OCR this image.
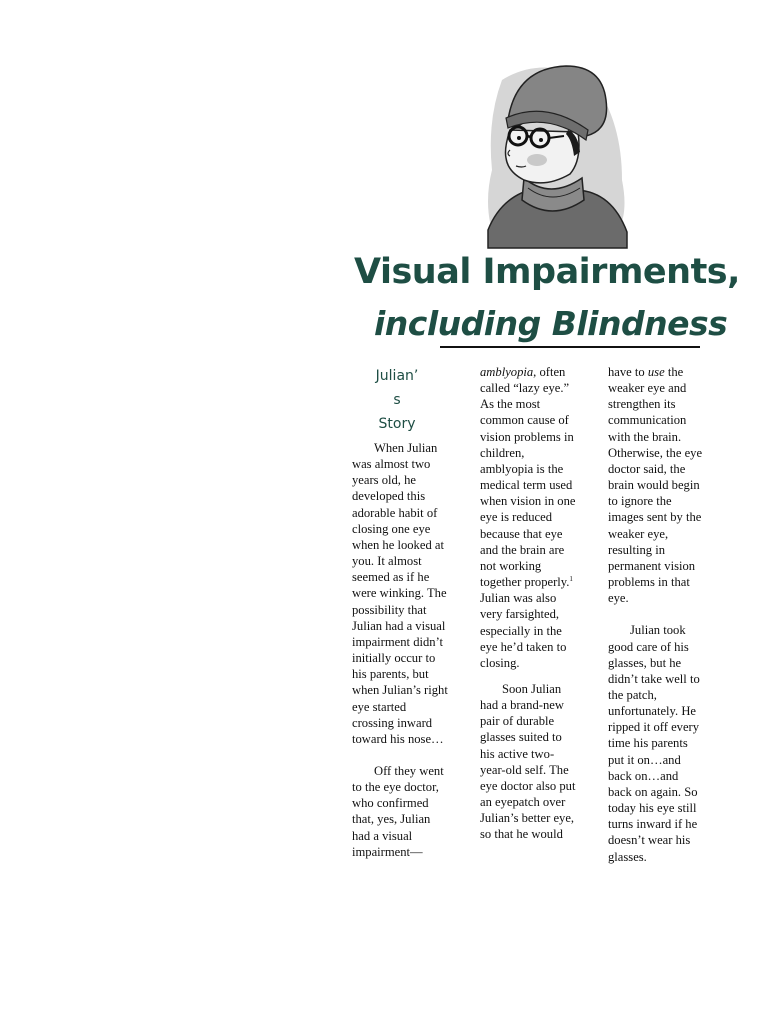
Visual Impairments,
including Blindness
Julian’
s
Story

When Julian was almost two years old, he developed this adorable habit of closing one eye when he looked at you. It almost seemed as if he were winking. The possibility that Julian had a visual impairment didn’t initially occur to his parents, but when Julian’s right eye started crossing inward toward his nose…

Off they went to the eye doctor, who confirmed that, yes, Julian had a visual impairment—

amblyopia, often called “lazy eye.” As the most common cause of vision problems in children, amblyopia is the medical term used when vision in one eye is reduced because that eye and the brain are not working together properly.$^1$ Julian was also very farsighted, especially in the eye he’d taken to closing.

Soon Julian had a brand-new pair of durable glasses suited to his active two-year-old self. The eye doctor also put an eyepatch over Julian’s better eye, so that he would

have to use the weaker eye and strengthen its communication with the brain. Otherwise, the eye doctor said, the brain would begin to ignore the images sent by the weaker eye, resulting in permanent vision problems in that eye.

Julian took good care of his glasses, but he didn’t take well to the patch, unfortunately. He ripped it off every time his parents put it on…and back on…and back on again. So today his eye still turns inward if he doesn’t wear his glasses.
